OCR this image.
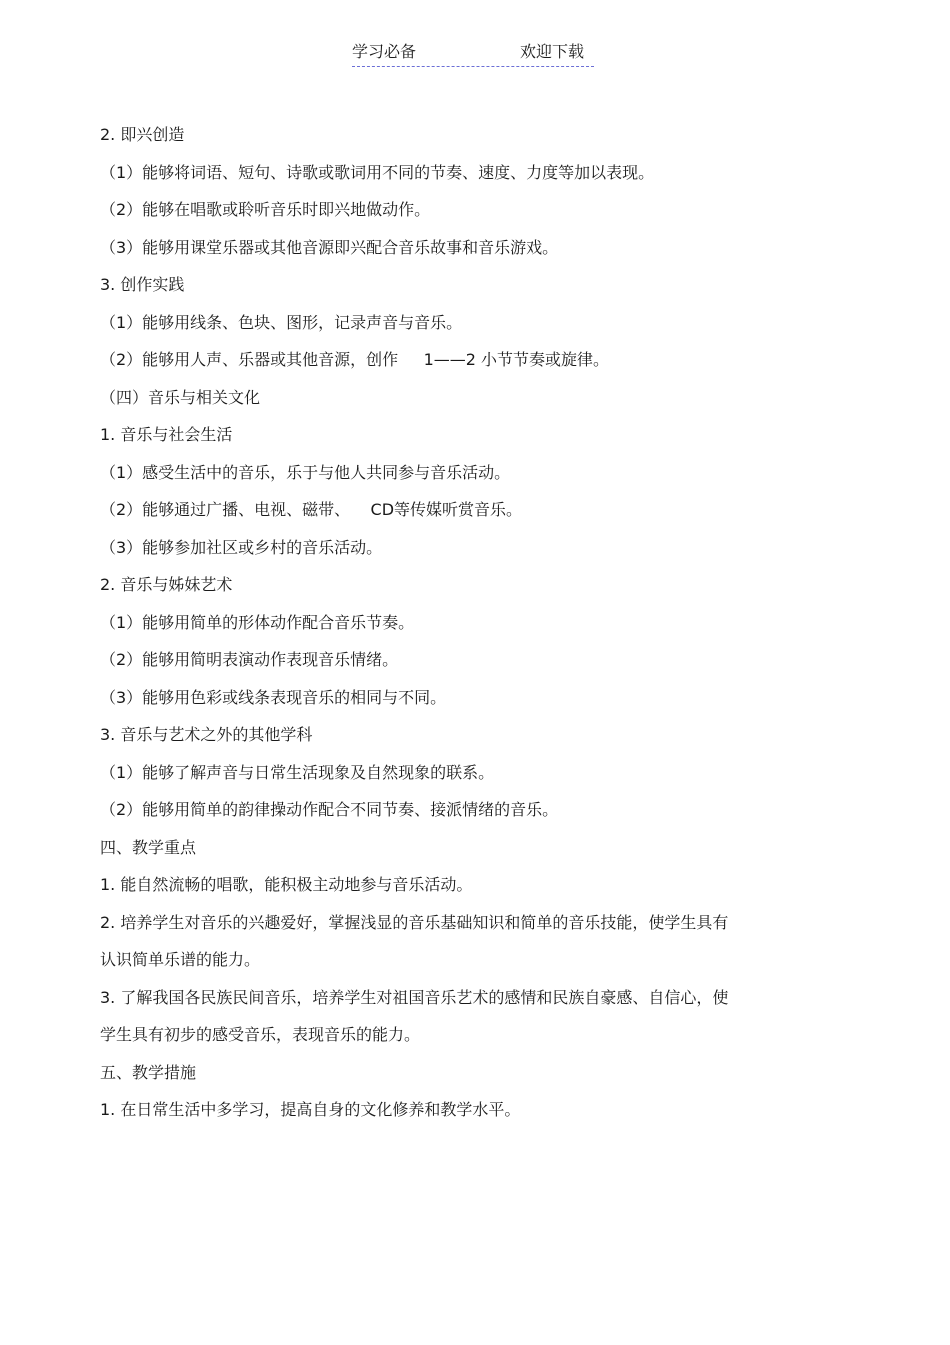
学习必备	欢迎下载
2. 即兴创造
（1）能够将词语、短句、诗歌或歌词用不同的节奏、速度、力度等加以表现。
（2）能够在唱歌或聆听音乐时即兴地做动作。
（3）能够用课堂乐器或其他音源即兴配合音乐故事和音乐游戏。
3. 创作实践
（1）能够用线条、色块、图形，记录声音与音乐。
（2）能够用人声、乐器或其他音源，创作     1——2 小节节奏或旋律。
（四）音乐与相关文化
1. 音乐与社会生活
（1）感受生活中的音乐，乐于与他人共同参与音乐活动。
（2）能够通过广播、电视、磁带、    CD等传媒听赏音乐。
（3）能够参加社区或乡村的音乐活动。
2. 音乐与姊妹艺术
（1）能够用简单的形体动作配合音乐节奏。
（2）能够用简明表演动作表现音乐情绪。
（3）能够用色彩或线条表现音乐的相同与不同。
3. 音乐与艺术之外的其他学科
（1）能够了解声音与日常生活现象及自然现象的联系。
（2）能够用简单的韵律操动作配合不同节奏、接派情绪的音乐。
四、教学重点
1. 能自然流畅的唱歌，能积极主动地参与音乐活动。
2. 培养学生对音乐的兴趣爱好，掌握浅显的音乐基础知识和简单的音乐技能，使学生具有
认识简单乐谱的能力。
3. 了解我国各民族民间音乐，培养学生对祖国音乐艺术的感情和民族自豪感、自信心，使
学生具有初步的感受音乐，表现音乐的能力。
五、教学措施
1. 在日常生活中多学习，提高自身的文化修养和教学水平。
